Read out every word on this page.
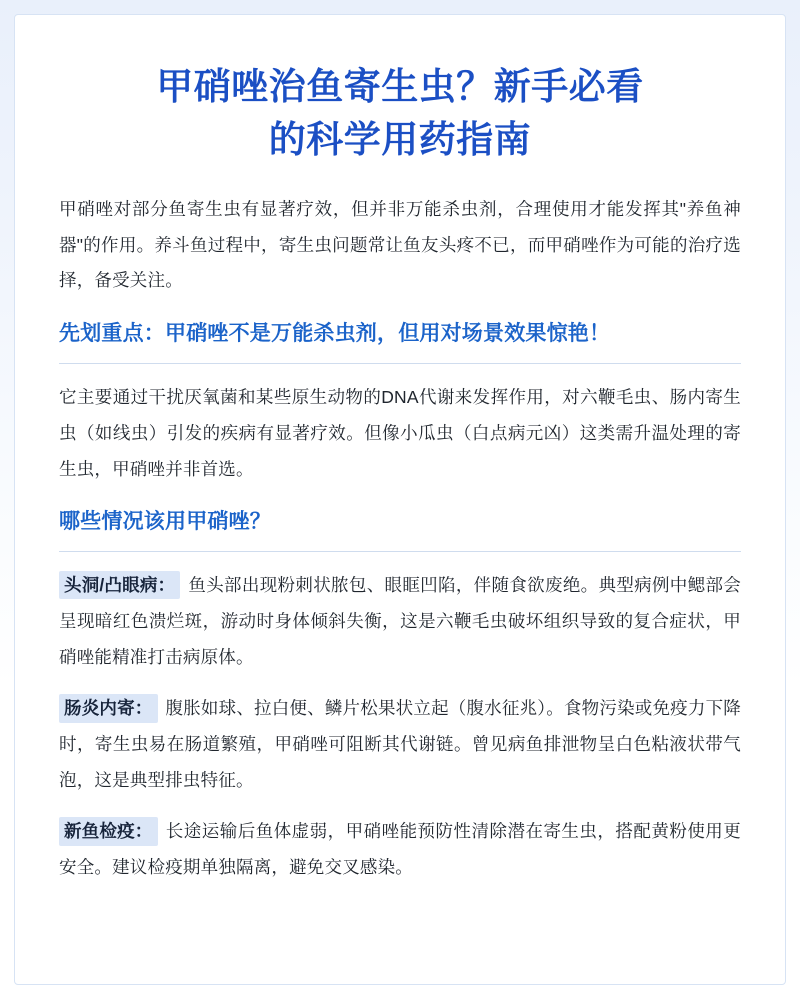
甲硝唑治鱼寄生虫？新手必看
的科学用药指南

甲硝唑对部分鱼寄生虫有显著疗效，但并非万能杀虫剂，合理使用才能发挥其"养鱼神器"的作用。养斗鱼过程中，寄生虫问题常让鱼友头疼不已，而甲硝唑作为可能的治疗选择，备受关注。

先划重点：甲硝唑不是万能杀虫剂，但用对场景效果惊艳！

它主要通过干扰厌氧菌和某些原生动物的DNA代谢来发挥作用，对六鞭毛虫、肠内寄生虫（如线虫）引发的疾病有显著疗效。但像小瓜虫（白点病元凶）这类需升温处理的寄生虫，甲硝唑并非首选。

哪些情况该用甲硝唑？
头洞/凸眼病： 鱼头部出现粉刺状脓包、眼眶凹陷，伴随食欲废绝。典型病例中鳃部会呈现暗红色溃烂斑，游动时身体倾斜失衡，这是六鞭毛虫破坏组织导致的复合症状，甲硝唑能精准打击病原体。
肠炎内寄： 腹胀如球、拉白便、鳞片松果状立起（腹水征兆）。食物污染或免疫力下降时，寄生虫易在肠道繁殖，甲硝唑可阻断其代谢链。曾见病鱼排泄物呈白色粘液状带气泡，这是典型排虫特征。
新鱼检疫： 长途运输后鱼体虚弱，甲硝唑能预防性清除潜在寄生虫，搭配黄粉使用更安全。建议检疫期单独隔离，避免交叉感染。
